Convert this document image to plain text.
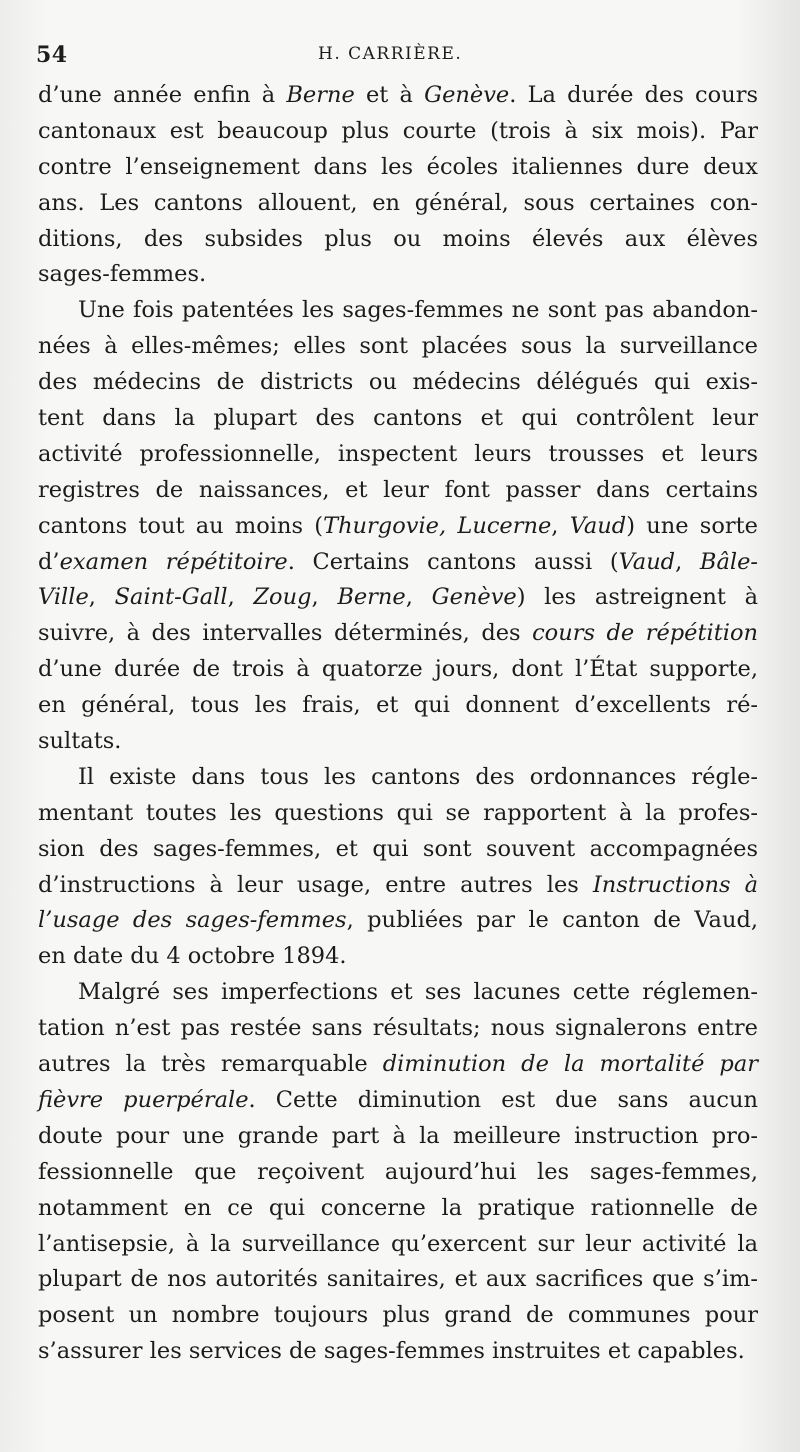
54	H. CARRIÈRE.
d’une année enfin à Berne et à Genève. La durée des cours
cantonaux est beaucoup plus courte (trois à six mois). Par
contre l’enseignement dans les écoles italiennes dure deux
ans. Les cantons allouent, en général, sous certaines con-
ditions, des subsides plus ou moins élevés aux élèves
sages-femmes.
Une fois patentées les sages-femmes ne sont pas abandon-
nées à elles-mêmes; elles sont placées sous la surveillance
des médecins de districts ou médecins délégués qui exis-
tent dans la plupart des cantons et qui contrôlent leur
activité professionnelle, inspectent leurs trousses et leurs
registres de naissances, et leur font passer dans certains
cantons tout au moins (Thurgovie, Lucerne, Vaud) une sorte
d’examen répétitoire. Certains cantons aussi (Vaud, Bâle-
Ville, Saint-Gall, Zoug, Berne, Genève) les astreignent à
suivre, à des intervalles déterminés, des cours de répétition
d’une durée de trois à quatorze jours, dont l’État supporte,
en général, tous les frais, et qui donnent d’excellents ré-
sultats.
Il existe dans tous les cantons des ordonnances régle-
mentant toutes les questions qui se rapportent à la profes-
sion des sages-femmes, et qui sont souvent accompagnées
d’instructions à leur usage, entre autres les Instructions à
l’usage des sages-femmes, publiées par le canton de Vaud,
en date du 4 octobre 1894.
Malgré ses imperfections et ses lacunes cette réglemen-
tation n’est pas restée sans résultats; nous signalerons entre
autres la très remarquable diminution de la mortalité par
fièvre puerpérale. Cette diminution est due sans aucun
doute pour une grande part à la meilleure instruction pro-
fessionnelle que reçoivent aujourd’hui les sages-femmes,
notamment en ce qui concerne la pratique rationnelle de
l’antisepsie, à la surveillance qu’exercent sur leur activité la
plupart de nos autorités sanitaires, et aux sacrifices que s’im-
posent un nombre toujours plus grand de communes pour
s’assurer les services de sages-femmes instruites et capables.
